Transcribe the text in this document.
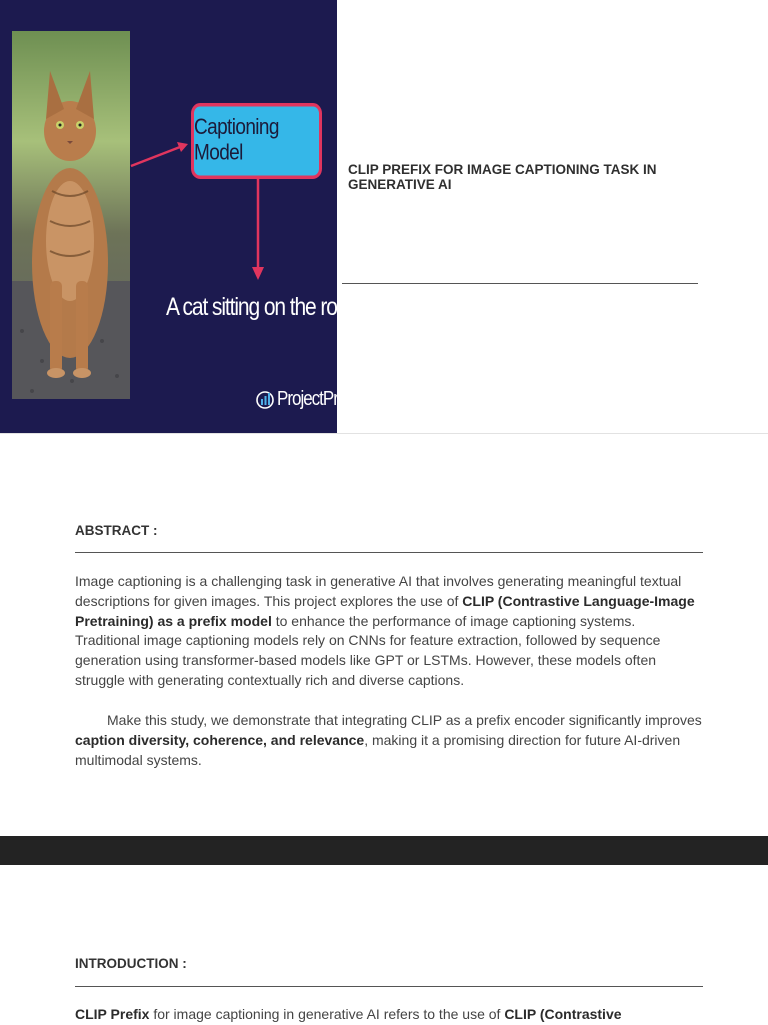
Captioning Model
A cat sitting on the road
ProjectPro
CLIP PREFIX FOR IMAGE CAPTIONING TASK IN GENERATIVE AI
ABSTRACT :

Image captioning is a challenging task in generative AI that involves generating meaningful textual descriptions for given images. This project explores the use of CLIP (Contrastive Language-Image Pretraining) as a prefix model to enhance the performance of image captioning systems. Traditional image captioning models rely on CNNs for feature extraction, followed by sequence generation using transformer-based models like GPT or LSTMs. However, these models often struggle with generating contextually rich and diverse captions.

Make this study, we demonstrate that integrating CLIP as a prefix encoder significantly improves caption diversity, coherence, and relevance, making it a promising direction for future AI-driven multimodal systems.

INTRODUCTION :

CLIP Prefix for image captioning in generative AI refers to the use of CLIP (Contrastive
